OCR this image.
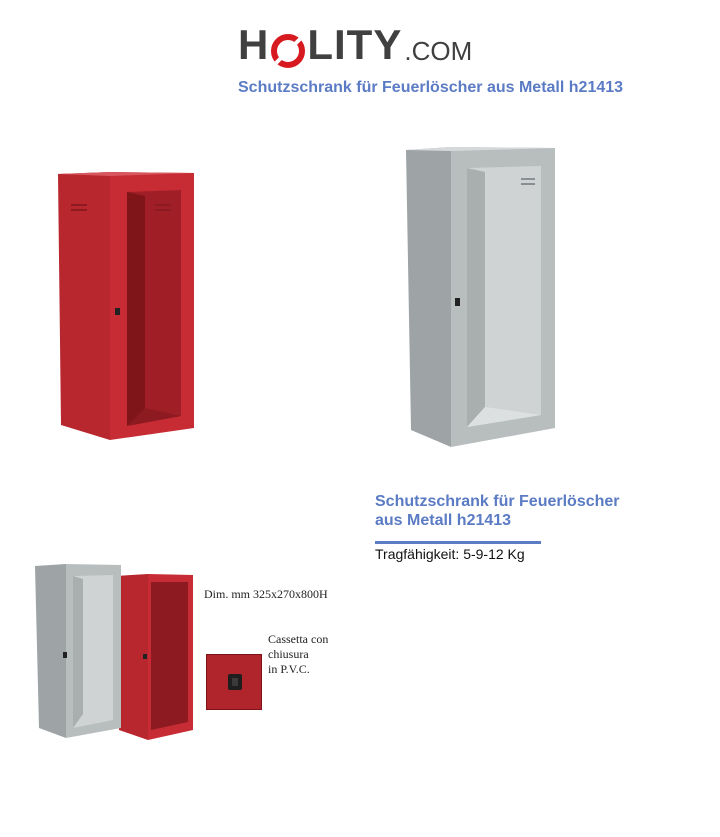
H LITY .COM
Schutzschrank für Feuerlöscher aus Metall h21413
Schutzschrank für Feuerlöscher
aus Metall h21413
Tragfähigkeit: 5-9-12 Kg
Dim. mm 325x270x800H
Cassetta con
chiusura
in P.V.C.
